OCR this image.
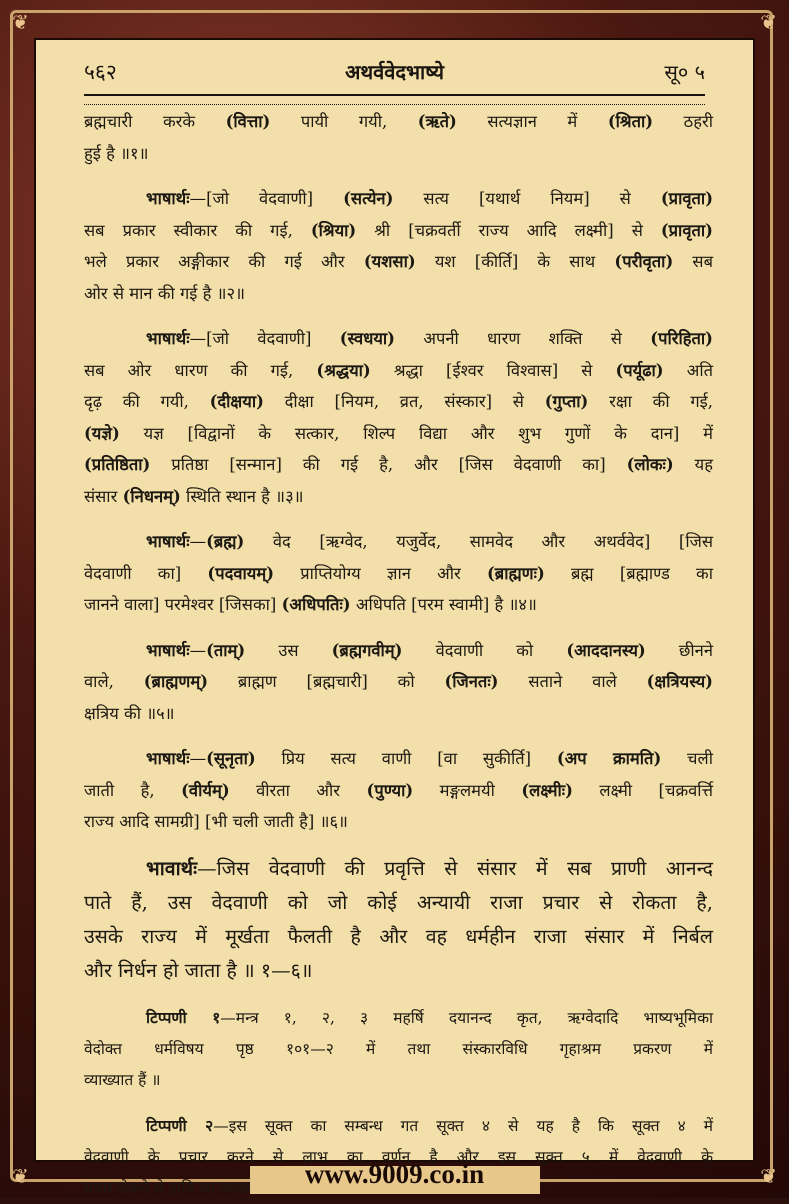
❦	❦
❦	❦
५६२	अथर्ववेदभाष्ये	सू० ५
ब्रह्मचारी करके (वित्ता) पायी गयी, (ऋते) सत्यज्ञान में (श्रिता) ठहरी
हुई है ॥१॥
भाषार्थः—[जो वेदवाणी] (सत्येन) सत्य [यथार्थ नियम] से (प्रावृता)
सब प्रकार स्वीकार की गई, (श्रिया) श्री [चक्रवर्ती राज्य आदि लक्ष्मी] से (प्रावृता)
भले प्रकार अङ्गीकार की गई और (यशसा) यश [कीर्ति] के साथ (परीवृता) सब
ओर से मान की गई है ॥२॥
भाषार्थः—[जो वेदवाणी] (स्वधया) अपनी धारण शक्ति से (परिहिता)
सब ओर धारण की गई, (श्रद्धया) श्रद्धा [ईश्वर विश्वास] से (पर्यूढा) अति
दृढ़ की गयी, (दीक्षया) दीक्षा [नियम, व्रत, संस्कार] से (गुप्ता) रक्षा की गई,
(यज्ञे) यज्ञ [विद्वानों के सत्कार, शिल्प विद्या और शुभ गुणों के दान] में
(प्रतिष्ठिता) प्रतिष्ठा [सन्मान] की गई है, और [जिस वेदवाणी का] (लोकः) यह
संसार (निधनम्) स्थिति स्थान है ॥३॥
भाषार्थः—(ब्रह्म) वेद [ऋग्वेद, यजुर्वेद, सामवेद और अथर्ववेद] [जिस
वेदवाणी का] (पदवायम्) प्राप्तियोग्य ज्ञान और (ब्राह्मणः) ब्रह्म [ब्रह्माण्ड का
जानने वाला] परमेश्वर [जिसका] (अधिपतिः) अधिपति [परम स्वामी] है ॥४॥
भाषार्थः—(ताम्) उस (ब्रह्मगवीम्) वेदवाणी को (आददानस्य) छीनने
वाले, (ब्राह्मणम्) ब्राह्मण [ब्रह्मचारी] को (जिनतः) सताने वाले (क्षत्रियस्य)
क्षत्रिय की ॥५॥
भाषार्थः—(सूनृता) प्रिय सत्य वाणी [वा सुकीर्ति] (अप क्रामति) चली
जाती है, (वीर्यम्) वीरता और (पुण्या) मङ्गलमयी (लक्ष्मीः) लक्ष्मी [चक्रवर्त्ति
राज्य आदि सामग्री] [भी चली जाती है] ॥६॥
भावार्थः—जिस वेदवाणी की प्रवृत्ति से संसार में सब प्राणी आनन्द
पाते हैं, उस वेदवाणी को जो कोई अन्यायी राजा प्रचार से रोकता है,
उसके राज्य में मूर्खता फैलती है और वह धर्महीन राजा संसार में निर्बल
और निर्धन हो जाता है ॥ १—६॥
टिप्पणी १—मन्त्र १, २, ३ महर्षि दयानन्द कृत, ऋग्वेदादि भाष्यभूमिका
वेदोक्त धर्मविषय पृष्ठ १०१—२ में तथा संस्कारविधि गृहाश्रम प्रकरण में
व्याख्यात हैं ॥
टिप्पणी २—इस सूक्त का सम्बन्ध गत सूक्त ४ से यह है कि सूक्त ४ में
वेदवाणी के प्रचार करने से लाभ का वर्णन है और इस सूक्त ५ में वेदवाणी के
प्रचार रोकने से हानि का व्याख्यान है । www.9009.co.in
